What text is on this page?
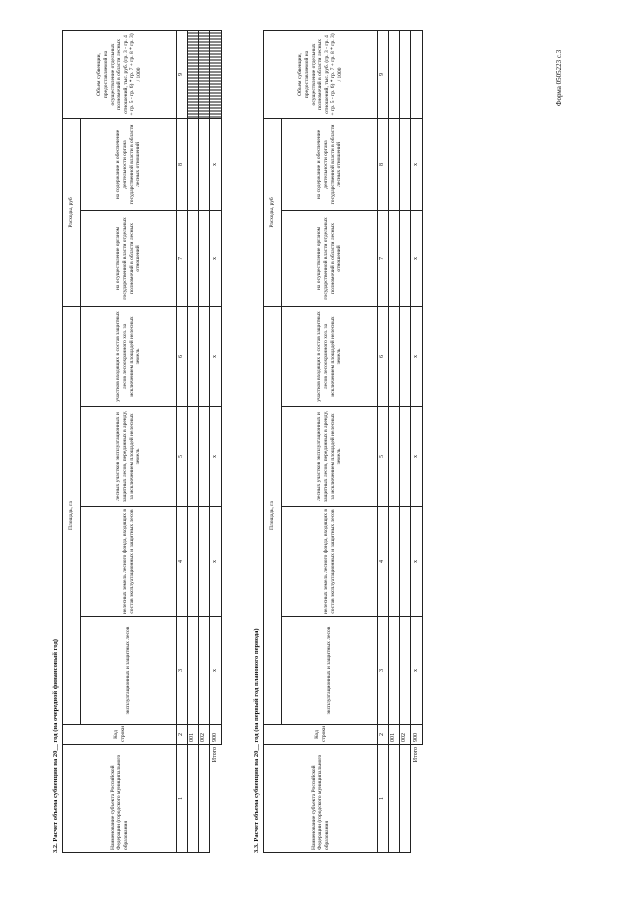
Форма 0505223 с.3
3.2. Расчет объема субвенции на 20__ год (на очередной финансовый год)	Наименование субъекта Российской Федерации (городского муниципального образования	Код строки	Площадь, га				Расходы, руб		Объем субвенции, предоставляемой на осуществление отдельных полномочий в области лесных отношений, тыс. руб. (гр. 3 - гр. 4 + гр. 5 - гр. 6) * гр. 7 + гр. 8 * гр. 3) / 1000
		эксплуатационных и защитных лесов	нелесных земель лесного фонда, входящих в состав эксплуатационных и защитных лесов	лесных участков эксплуатационных и защитных лесов, переданных в аренду, за исключением площадей нелесных земель	участков входящих в состав защитных лесов лесоохранного хоз. за исключением площадей нелесных земель	на осуществление органом государственной власти отдельных полномочий в области лесных отношений	на содержание и обеспечение деятельности органа государственной власти в области лесных отношений	
1	2	3	4	5	6	7	8	9
	001							
	002							
Итого	900	x	x	x	x	x	x	
3.3. Расчет объема субвенции на 20__ год (на первый год планового периода)	Наименование субъекта Российской Федерации (городского муниципального образования	Код строки	Площадь, га				Расходы, руб		Объем субвенции, предоставляемой на осуществление отдельных полномочий в области лесных отношений, тыс. руб. (гр. 3 - гр. 4 + гр. 5 - гр. 6) * гр. 7 + гр. 8 * гр. 3) / 1000
		эксплуатационных и защитных лесов	нелесных земель лесного фонда, входящих в состав эксплуатационных и защитных лесов	лесных участков эксплуатационных и защитных лесов, переданных в аренду, за исключением площадей нелесных земель	участков входящих в состав защитных лесов лесоохранного хоз. за исключением площадей нелесных земель	на осуществление органом государственной власти отдельных полномочий в области лесных отношений	на содержание и обеспечение деятельности органа государственной власти в области лесных отношений	
1	2	3	4	5	6	7	8	9
	001							
	002							
Итого	900	x	x	x	x	x	x	
